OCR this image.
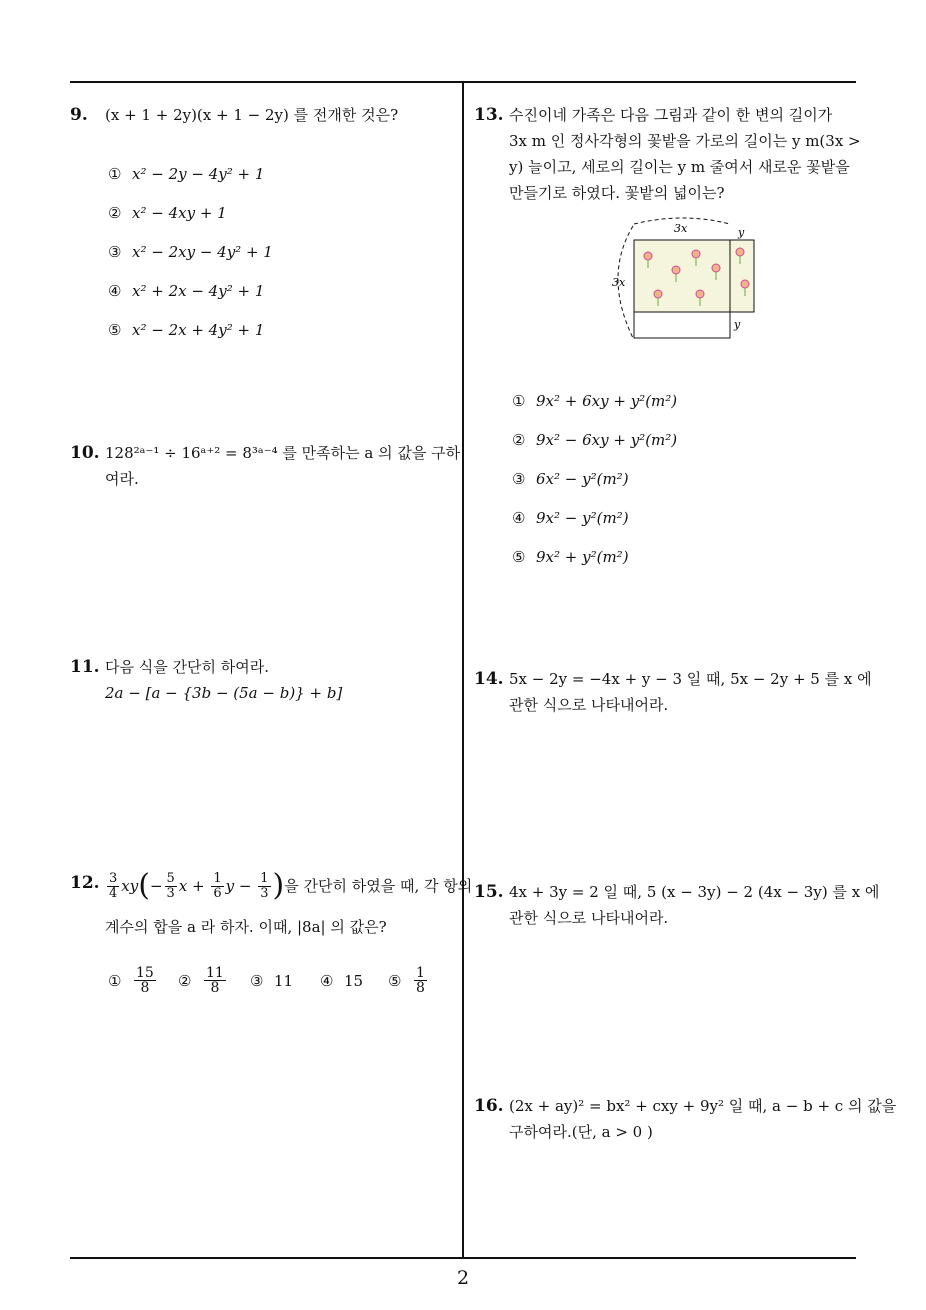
9. (x + 1 + 2y)(x + 1 − 2y) 를 전개한 것은?
① x² − 2y − 4y² + 1
② x² − 4xy + 1
③ x² − 2xy − 4y² + 1
④ x² + 2x − 4y² + 1
⑤ x² − 2x + 4y² + 1
10. 128²ᵃ⁻¹ ÷ 16ᵃ⁺² = 8³ᵃ⁻⁴ 를 만족하는 a 의 값을 구하
여라.
11. 다음 식을 간단히 하여라.
2a − [a − {3b − (5a − b)} + b]
12. $\frac{3}{4}$ xy ( − $\frac{5}{3}$ $x + \frac{1}{6}$ $y - \frac{1}{3}$ ) 을 간단히 하였을 때, 각 항의
계수의 합을 a 라 하자. 이때, |8a| 의 값은?
① $\frac{15}{8}$ ② $\frac{11}{8}$ ③ 11	④ 15	⑤ $\frac{1}{8}$
13. 수진이네 가족은 다음 그림과 같이 한 변의 길이가
3x m 인 정사각형의 꽃밭을 가로의 길이는 y m(3x >
y) 늘이고, 세로의 길이는 y m 줄여서 새로운 꽃밭을
만들기로 하였다. 꽃밭의 넓이는?
3x
3x
y
y
① 9x² + 6xy + y²(m²)
② 9x² − 6xy + y²(m²)
③ 6x² − y²(m²)
④ 9x² − y²(m²)
⑤ 9x² + y²(m²)
14. 5x − 2y = −4x + y − 3 일 때, 5x − 2y + 5 를 x 에
관한 식으로 나타내어라.
15. 4x + 3y = 2 일 때, 5 (x − 3y) − 2 (4x − 3y) 를 x 에
관한 식으로 나타내어라.
16. (2x + ay)² = bx² + cxy + 9y² 일 때, a − b + c 의 값을
구하여라.(단, a > 0 )
2
